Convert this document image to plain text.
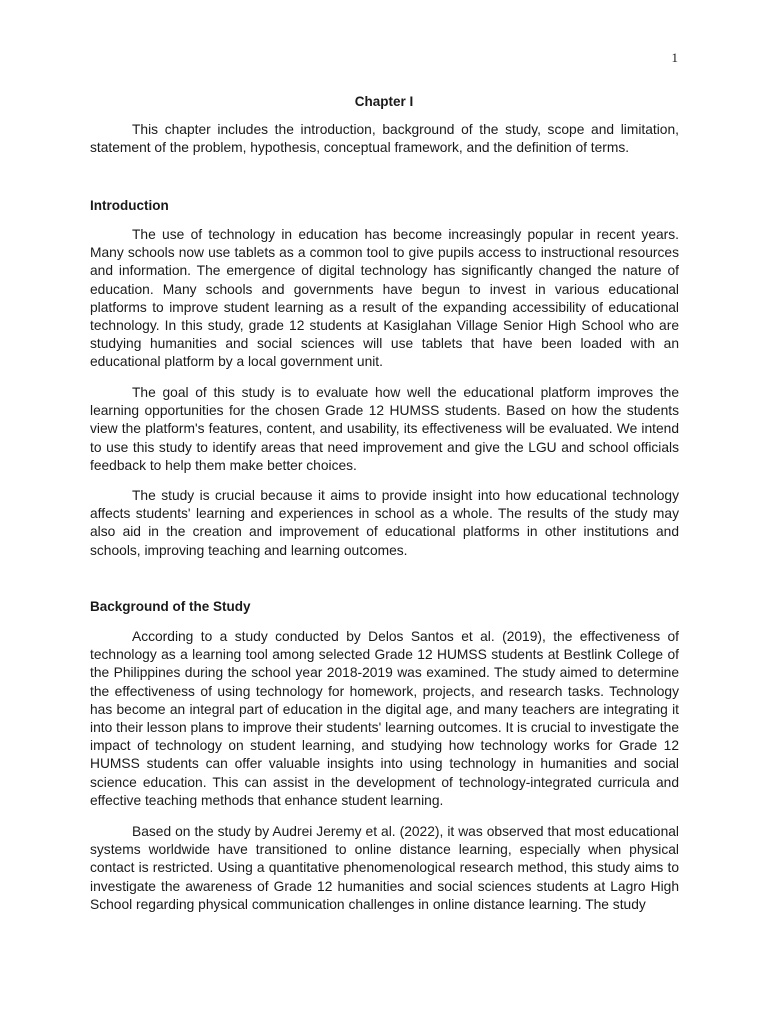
1
Chapter I

This chapter includes the introduction, background of the study, scope and limitation, statement of the problem, hypothesis, conceptual framework, and the definition of terms.

Introduction

The use of technology in education has become increasingly popular in recent years. Many schools now use tablets as a common tool to give pupils access to instructional resources and information. The emergence of digital technology has significantly changed the nature of education. Many schools and governments have begun to invest in various educational platforms to improve student learning as a result of the expanding accessibility of educational technology. In this study, grade 12 students at Kasiglahan Village Senior High School who are studying humanities and social sciences will use tablets that have been loaded with an educational platform by a local government unit.

The goal of this study is to evaluate how well the educational platform improves the learning opportunities for the chosen Grade 12 HUMSS students. Based on how the students view the platform's features, content, and usability, its effectiveness will be evaluated. We intend to use this study to identify areas that need improvement and give the LGU and school officials feedback to help them make better choices.

The study is crucial because it aims to provide insight into how educational technology affects students' learning and experiences in school as a whole. The results of the study may also aid in the creation and improvement of educational platforms in other institutions and schools, improving teaching and learning outcomes.

Background of the Study

According to a study conducted by Delos Santos et al. (2019), the effectiveness of technology as a learning tool among selected Grade 12 HUMSS students at Bestlink College of the Philippines during the school year 2018-2019 was examined. The study aimed to determine the effectiveness of using technology for homework, projects, and research tasks. Technology has become an integral part of education in the digital age, and many teachers are integrating it into their lesson plans to improve their students' learning outcomes. It is crucial to investigate the impact of technology on student learning, and studying how technology works for Grade 12 HUMSS students can offer valuable insights into using technology in humanities and social science education. This can assist in the development of technology-integrated curricula and effective teaching methods that enhance student learning.

Based on the study by Audrei Jeremy et al. (2022), it was observed that most educational systems worldwide have transitioned to online distance learning, especially when physical contact is restricted. Using a quantitative phenomenological research method, this study aims to investigate the awareness of Grade 12 humanities and social sciences students at Lagro High School regarding physical communication challenges in online distance learning. The study
